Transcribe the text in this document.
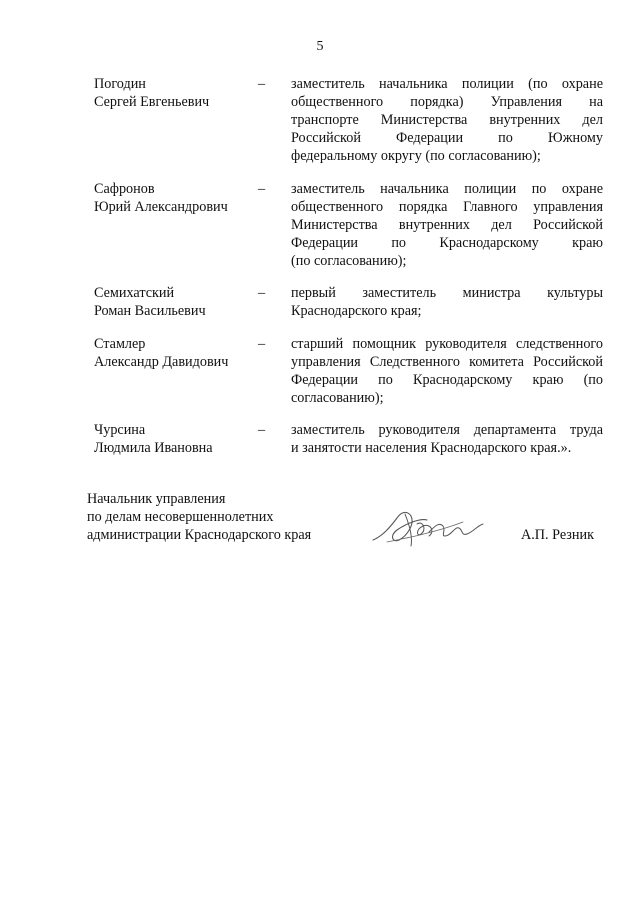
5
Погодин
Сергей Евгеньевич
– заместитель начальника полиции (по охране
общественного порядка) Управления на
транспорте Министерства внутренних дел
Российской Федерации по Южному
федеральному округу (по согласованию);
Сафронов
Юрий Александрович
– заместитель начальника полиции по охране
общественного порядка Главного управления
Министерства внутренних дел Российской
Федерации по Краснодарскому краю
(по согласованию);
Семихатский
Роман Васильевич
– первый заместитель министра культуры
Краснодарского края;
Стамлер
Александр Давидович
– старший помощник руководителя следственного
управления Следственного комитета Российской
Федерации по Краснодарскому краю (по
согласованию);
Чурсина
Людмила Ивановна
– заместитель руководителя департамента труда
и занятости населения Краснодарского края.».
Начальник управления
по делам несовершеннолетних
администрации Краснодарского края	А.П. Резник
